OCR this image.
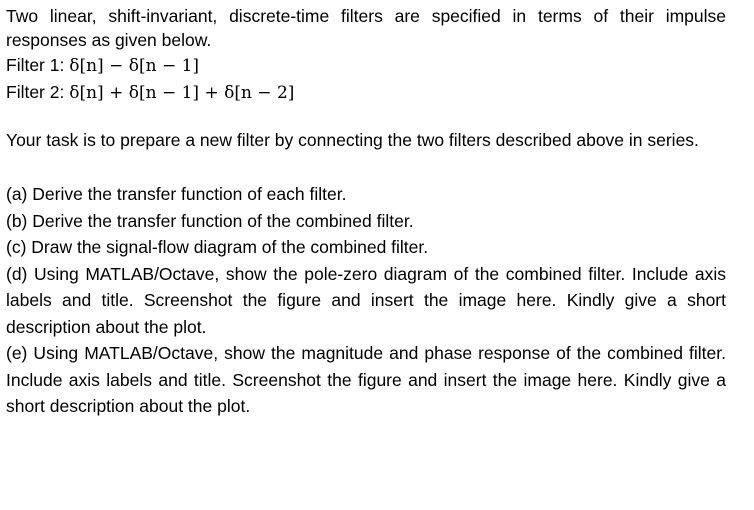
Two linear, shift-invariant, discrete-time filters are specified in terms of their impulse responses as given below.

Filter 1: δ[n] − δ[n − 1]

Filter 2: δ[n] + δ[n − 1] + δ[n − 2]

Your task is to prepare a new filter by connecting the two filters described above in series.

(a) Derive the transfer function of each filter.

(b) Derive the transfer function of the combined filter.

(c) Draw the signal-flow diagram of the combined filter.

(d) Using MATLAB/Octave, show the pole-zero diagram of the combined filter. Include axis labels and title. Screenshot the figure and insert the image here. Kindly give a short description about the plot.

(e) Using MATLAB/Octave, show the magnitude and phase response of the combined filter. Include axis labels and title. Screenshot the figure and insert the image here. Kindly give a short description about the plot.
